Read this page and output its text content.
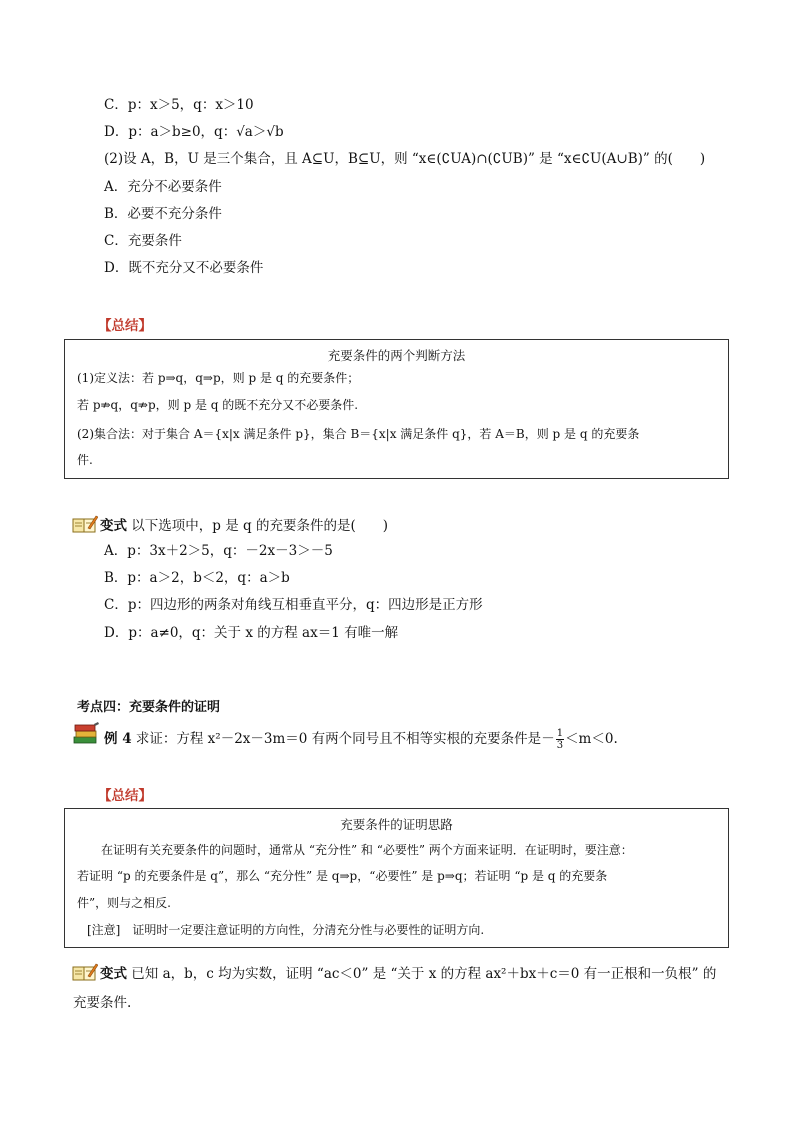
C．p：x＞5，q：x＞10
D．p：a＞b≥0，q：√a＞√b
(2)设 A，B，U 是三个集合，且 A⊆U，B⊆U，则 “x∈(∁UA)∩(∁UB)” 是 “x∈∁U(A∪B)” 的(　　)
A．充分不必要条件
B．必要不充分条件
C．充要条件
D．既不充分又不必要条件
【总结】
充要条件的两个判断方法
(1)定义法：若 p⇒q，q⇒p，则 p 是 q 的充要条件；
若 p⇏q，q⇏p，则 p 是 q 的既不充分又不必要条件.
(2)集合法：对于集合 A＝{x|x 满足条件 p}，集合 B＝{x|x 满足条件 q}，若 A＝B，则 p 是 q 的充要条
件.
变式 以下选项中，p 是 q 的充要条件的是(　　)
A．p：3x＋2＞5，q：－2x－3＞－5
B．p：a＞2，b＜2，q：a＞b
C．p：四边形的两条对角线互相垂直平分，q：四边形是正方形
D．p：a≠0，q：关于 x 的方程 ax＝1 有唯一解
考点四：充要条件的证明
例 4 求证：方程 x²－2x－3m＝0 有两个同号且不相等实根的充要条件是－ $\frac{1}{3} <m<0$.
【总结】
充要条件的证明思路
在证明有关充要条件的问题时，通常从 “充分性” 和 “必要性” 两个方面来证明．在证明时，要注意：
若证明 “p 的充要条件是 q”，那么 “充分性” 是 q⇒p，“必要性” 是 p⇒q；若证明 “p 是 q 的充要条
件”，则与之相反.
[注意]　证明时一定要注意证明的方向性，分清充分性与必要性的证明方向.
变式 已知 a，b，c 均为实数，证明 “ac＜0” 是 “关于 x 的方程 ax²＋bx＋c＝0 有一正根和一负根” 的
充要条件.
